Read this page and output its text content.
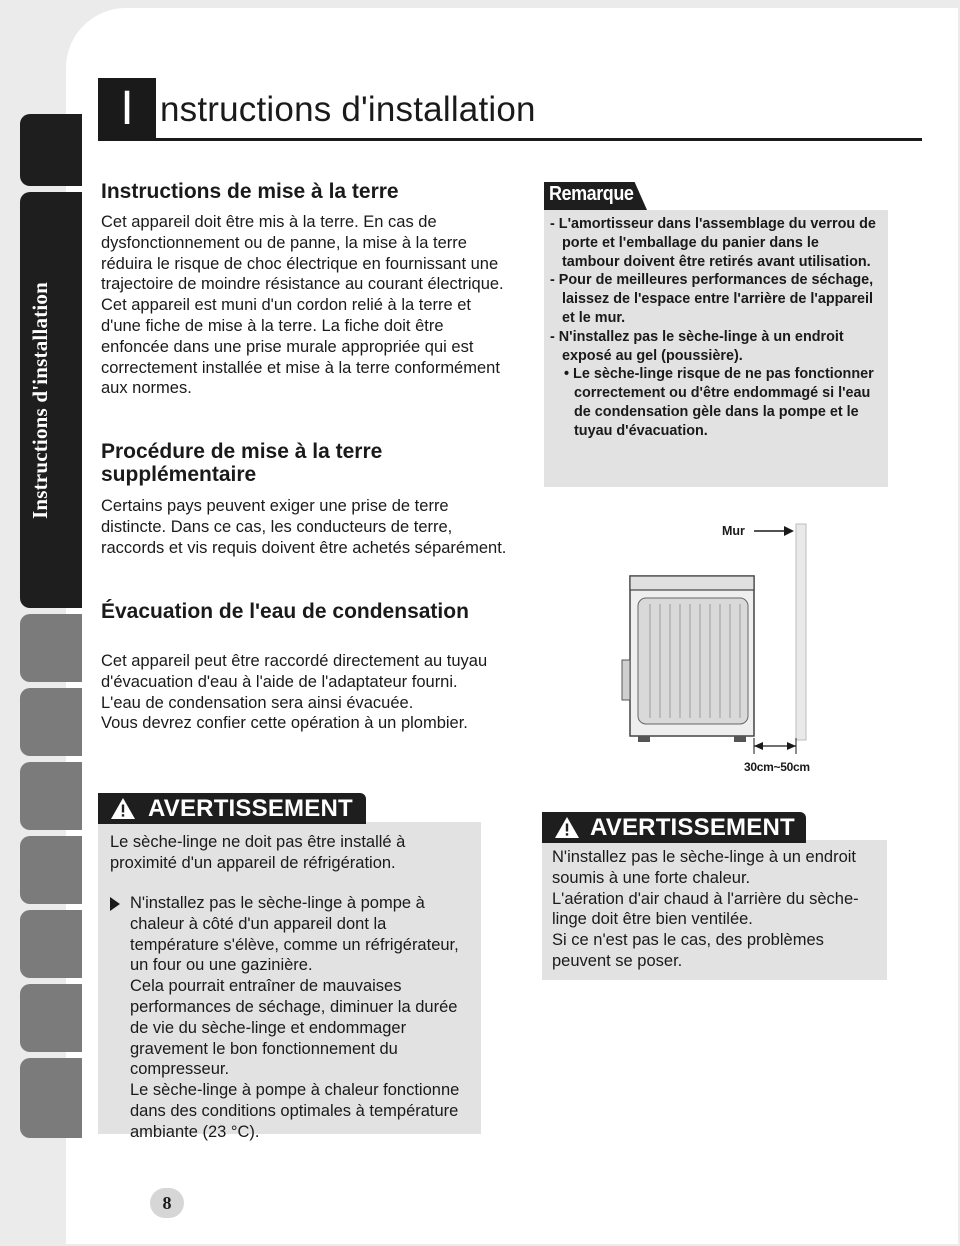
Instructions d'installation
I nstructions d'installation
Instructions de mise à la terre

Cet appareil doit être mis à la terre. En cas de dysfonctionnement ou de panne, la mise à la terre réduira le risque de choc électrique en fournissant une trajectoire de moindre résistance au courant électrique.
Cet appareil est muni d'un cordon relié à la terre et d'une fiche de mise à la terre. La fiche doit être enfoncée dans une prise murale appropriée qui est correctement installée et mise à la terre conformément aux normes.

Procédure de mise à la terre supplémentaire

Certains pays peuvent exiger une prise de terre distincte. Dans ce cas, les conducteurs de terre, raccords et vis requis doivent être achetés séparément.

Évacuation de l'eau de condensation

Cet appareil peut être raccordé directement au tuyau d'évacuation d'eau à l'aide de l'adaptateur fourni.
L'eau de condensation sera ainsi évacuée.
Vous devrez confier cette opération à un plombier.

Remarque
- L'amortisseur dans l'assemblage du verrou de porte et l'emballage du panier dans le tambour doivent être retirés avant utilisation.
- Pour de meilleures performances de séchage, laissez de l'espace entre l'arrière de l'appareil et le mur.
- N'installez pas le sèche-linge à un endroit exposé au gel (poussière).
• Le sèche-linge risque de ne pas fonctionner correctement ou d'être endommagé si l'eau de condensation gèle dans la pompe et le tuyau d'évacuation.
Mur
30cm~50cm
AVERTISSEMENT

Le sèche-linge ne doit pas être installé à proximité d'un appareil de réfrigération.

N'installez pas le sèche-linge à pompe à chaleur à côté d'un appareil dont la température s'élève, comme un réfrigérateur, un four ou une gazinière.
Cela pourrait entraîner de mauvaises performances de séchage, diminuer la durée de vie du sèche-linge et endommager gravement le bon fonctionnement du compresseur.
Le sèche-linge à pompe à chaleur fonctionne dans des conditions optimales à température ambiante (23 °C).

AVERTISSEMENT

N'installez pas le sèche-linge à un endroit soumis à une forte chaleur.
L'aération d'air chaud à l'arrière du sèche-linge doit être bien ventilée.
Si ce n'est pas le cas, des problèmes peuvent se poser.

8
